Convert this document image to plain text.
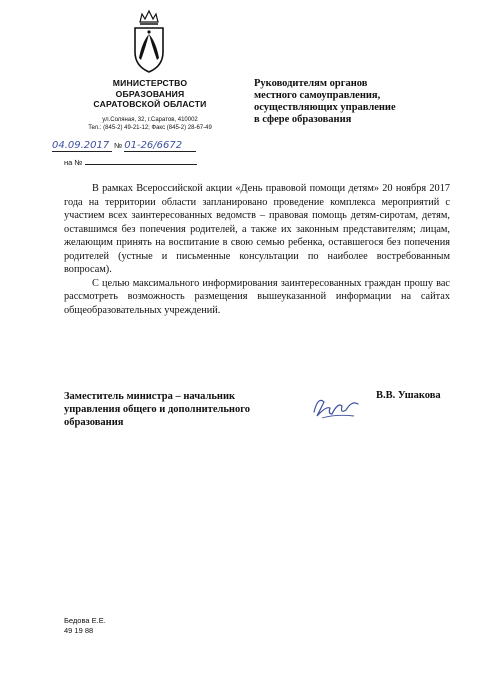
МИНИСТЕРСТВО
ОБРАЗОВАНИЯ
САРАТОВСКОЙ ОБЛАСТИ
ул.Соляная, 32, г.Саратов, 410002
Тел.: (845-2) 49-21-12; Факс (845-2) 28-67-49
04.09.2017 № 01-26/6672
на №
Руководителям органов
местного самоуправления,
осуществляющих управление
в сфере образования

В рамках Всероссийской акции «День правовой помощи детям» 20 ноября 2017 года на территории области запланировано проведение комплекса мероприятий с участием всех заинтересованных ведомств – правовая помощь детям-сиротам, детям, оставшимся без попечения родителей, а также их законным представителям; лицам, желающим принять на воспитание в свою семью ребенка, оставшегося без попечения родителей (устные и письменные консультации по наиболее востребованным вопросам).

С целью максимального информирования заинтересованных граждан прошу вас рассмотреть возможность размещения вышеуказанной информации на сайтах общеобразовательных учреждений.

Заместитель министра – начальник
управления общего и дополнительного
образования
В.В. Ушакова
Бедова Е.Е.
49 19 88
